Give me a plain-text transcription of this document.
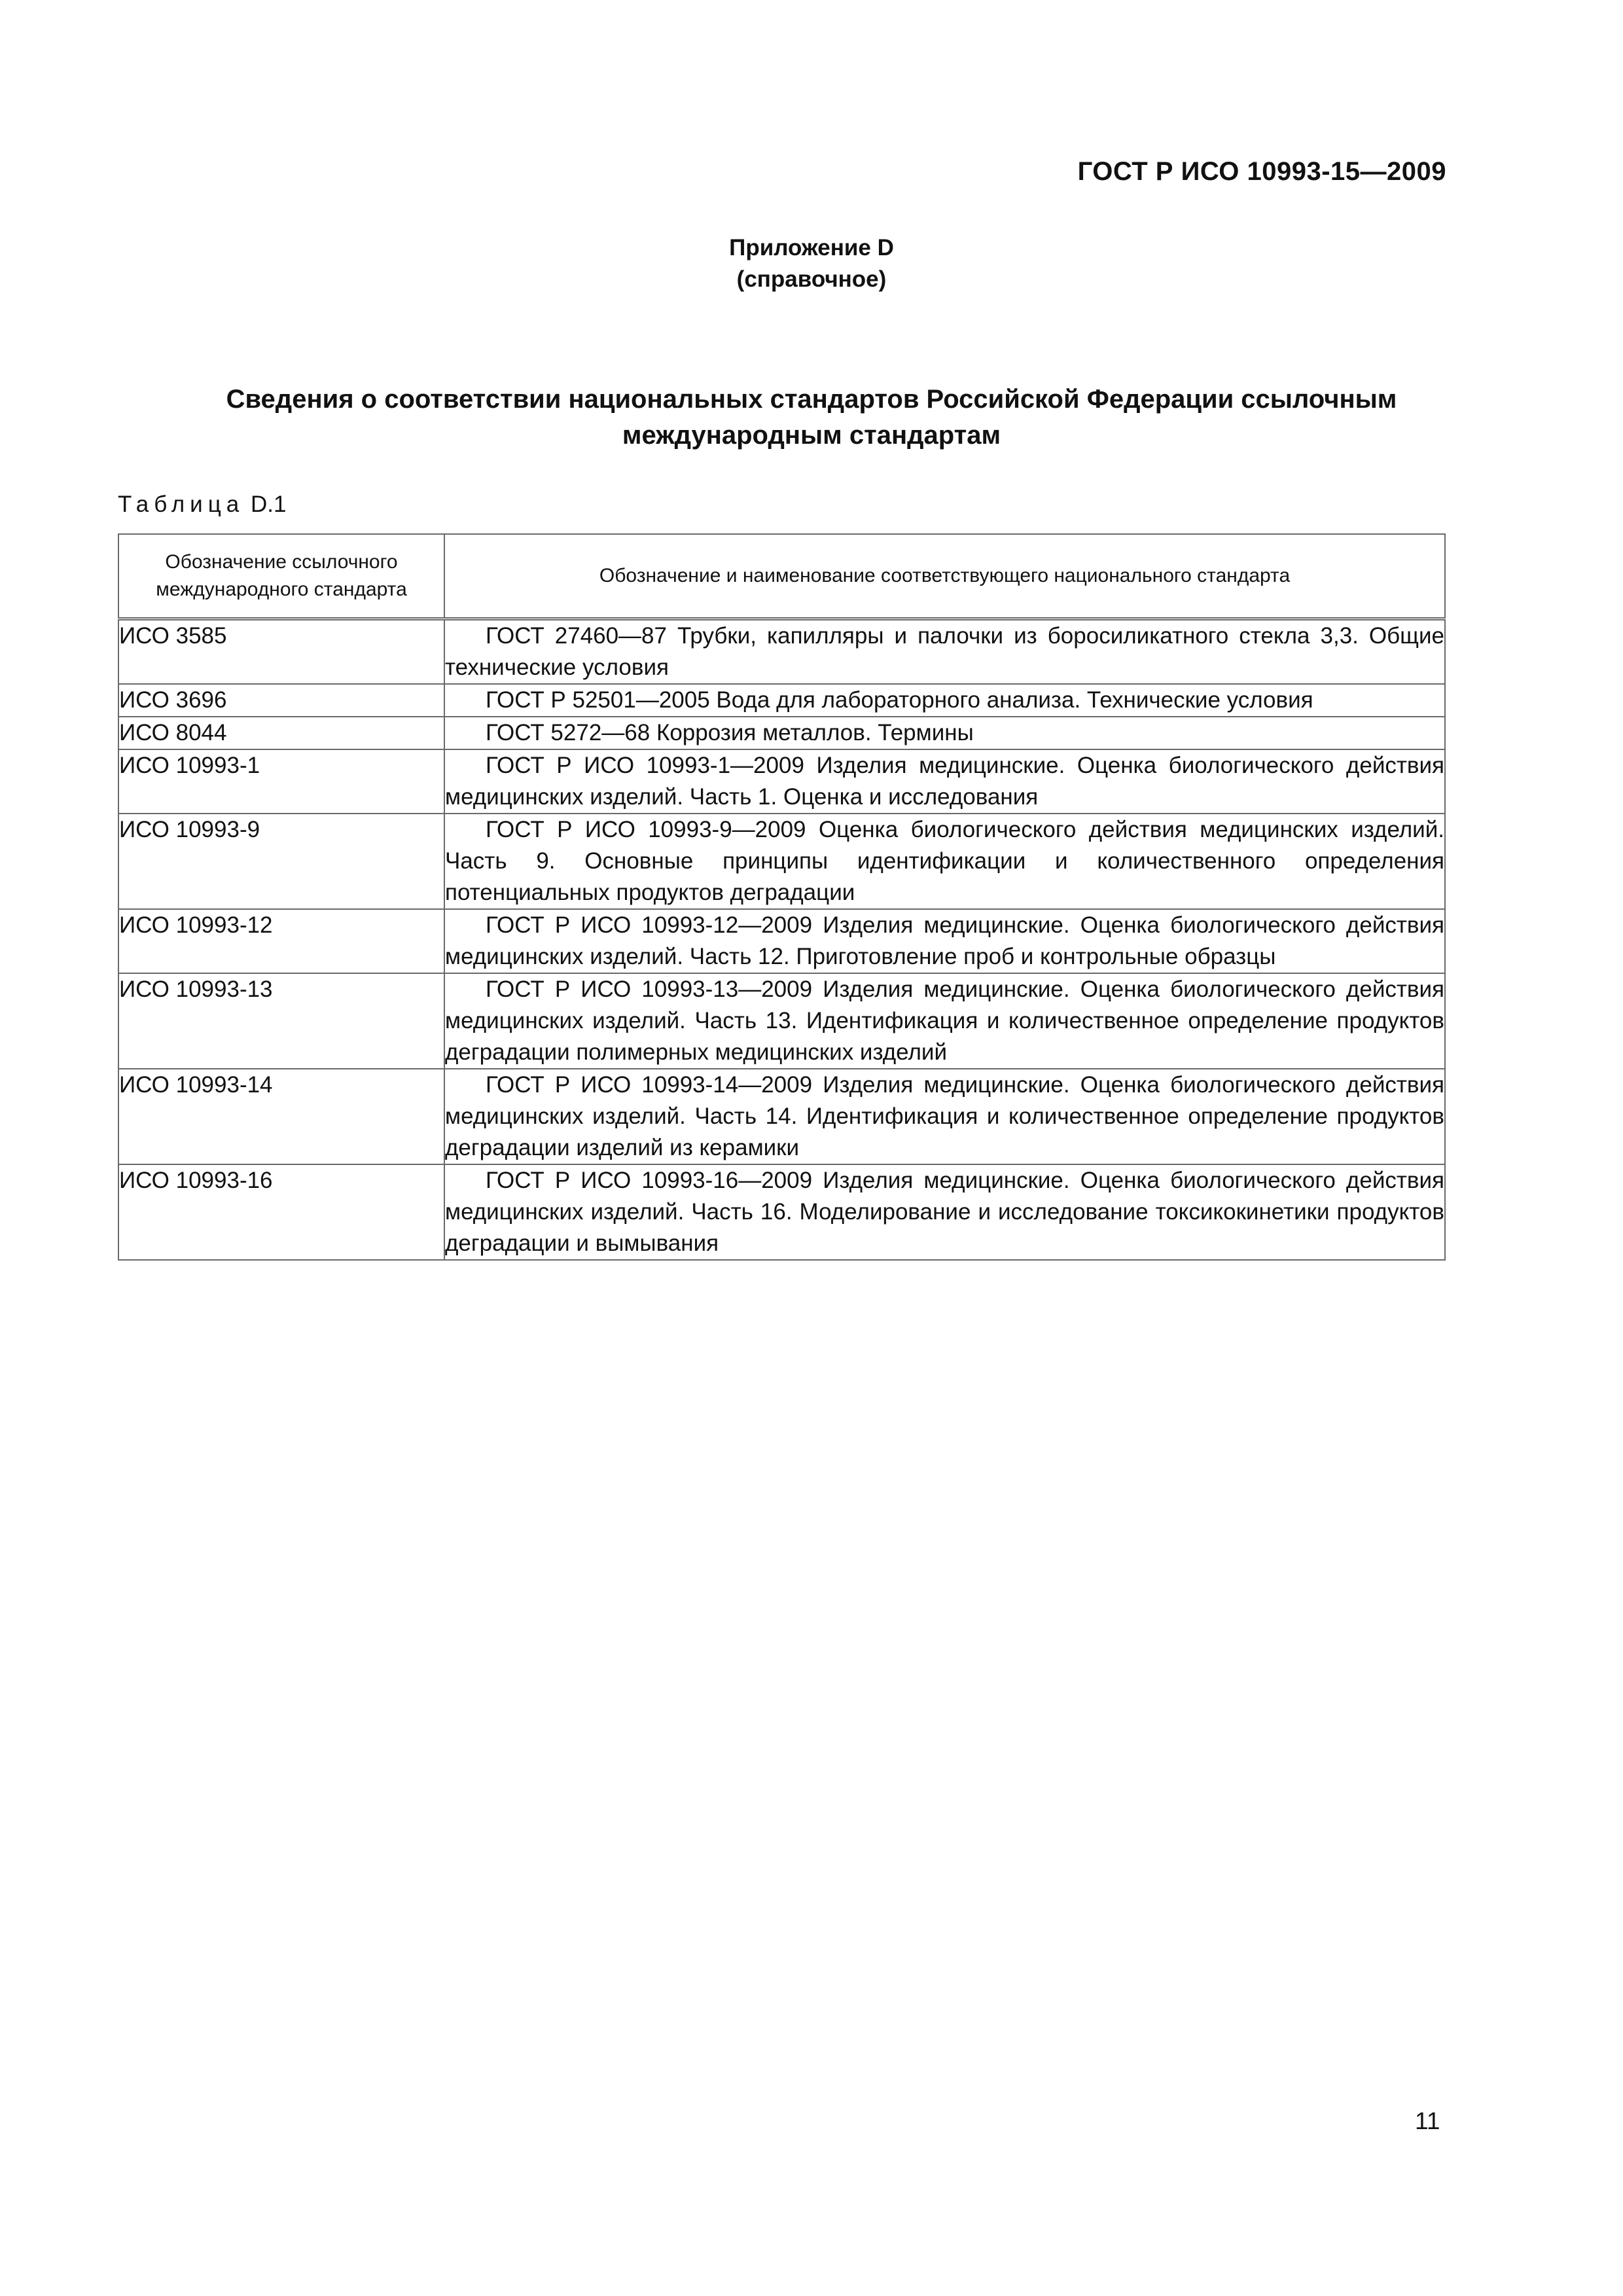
ГОСТ Р ИСО 10993-15—2009
Приложение D
(справочное)
Сведения о соответствии национальных стандартов Российской Федерации ссылочным
международным стандартам
Таблица D.1
Обозначение ссылочного
международного стандарта	Обозначение и наименование соответствующего национального стандарта
ИСО 3585	ГОСТ 27460—87 Трубки, капилляры и палочки из боросиликатного стекла 3,3. Общие технические условия
ИСО 3696	ГОСТ Р 52501—2005 Вода для лабораторного анализа. Технические условия
ИСО 8044	ГОСТ 5272—68 Коррозия металлов. Термины
ИСО 10993-1	ГОСТ Р ИСО 10993-1—2009 Изделия медицинские. Оценка биологического действия медицинских изделий. Часть 1. Оценка и исследования
ИСО 10993-9	ГОСТ Р ИСО 10993-9—2009 Оценка биологического действия медицинских изделий. Часть 9. Основные принципы идентификации и количественного определения потенциальных продуктов деградации
ИСО 10993-12	ГОСТ Р ИСО 10993-12—2009 Изделия медицинские. Оценка биологического действия медицинских изделий. Часть 12. Приготовление проб и контрольные образцы
ИСО 10993-13	ГОСТ Р ИСО 10993-13—2009 Изделия медицинские. Оценка биологического действия медицинских изделий. Часть 13. Идентификация и количественное определение продуктов деградации полимерных медицинских изделий
ИСО 10993-14	ГОСТ Р ИСО 10993-14—2009 Изделия медицинские. Оценка биологического действия медицинских изделий. Часть 14. Идентификация и количественное определение продуктов деградации изделий из керамики
ИСО 10993-16	ГОСТ Р ИСО 10993-16—2009 Изделия медицинские. Оценка биологического действия медицинских изделий. Часть 16. Моделирование и исследование токсикокинетики продуктов деградации и вымывания
11
